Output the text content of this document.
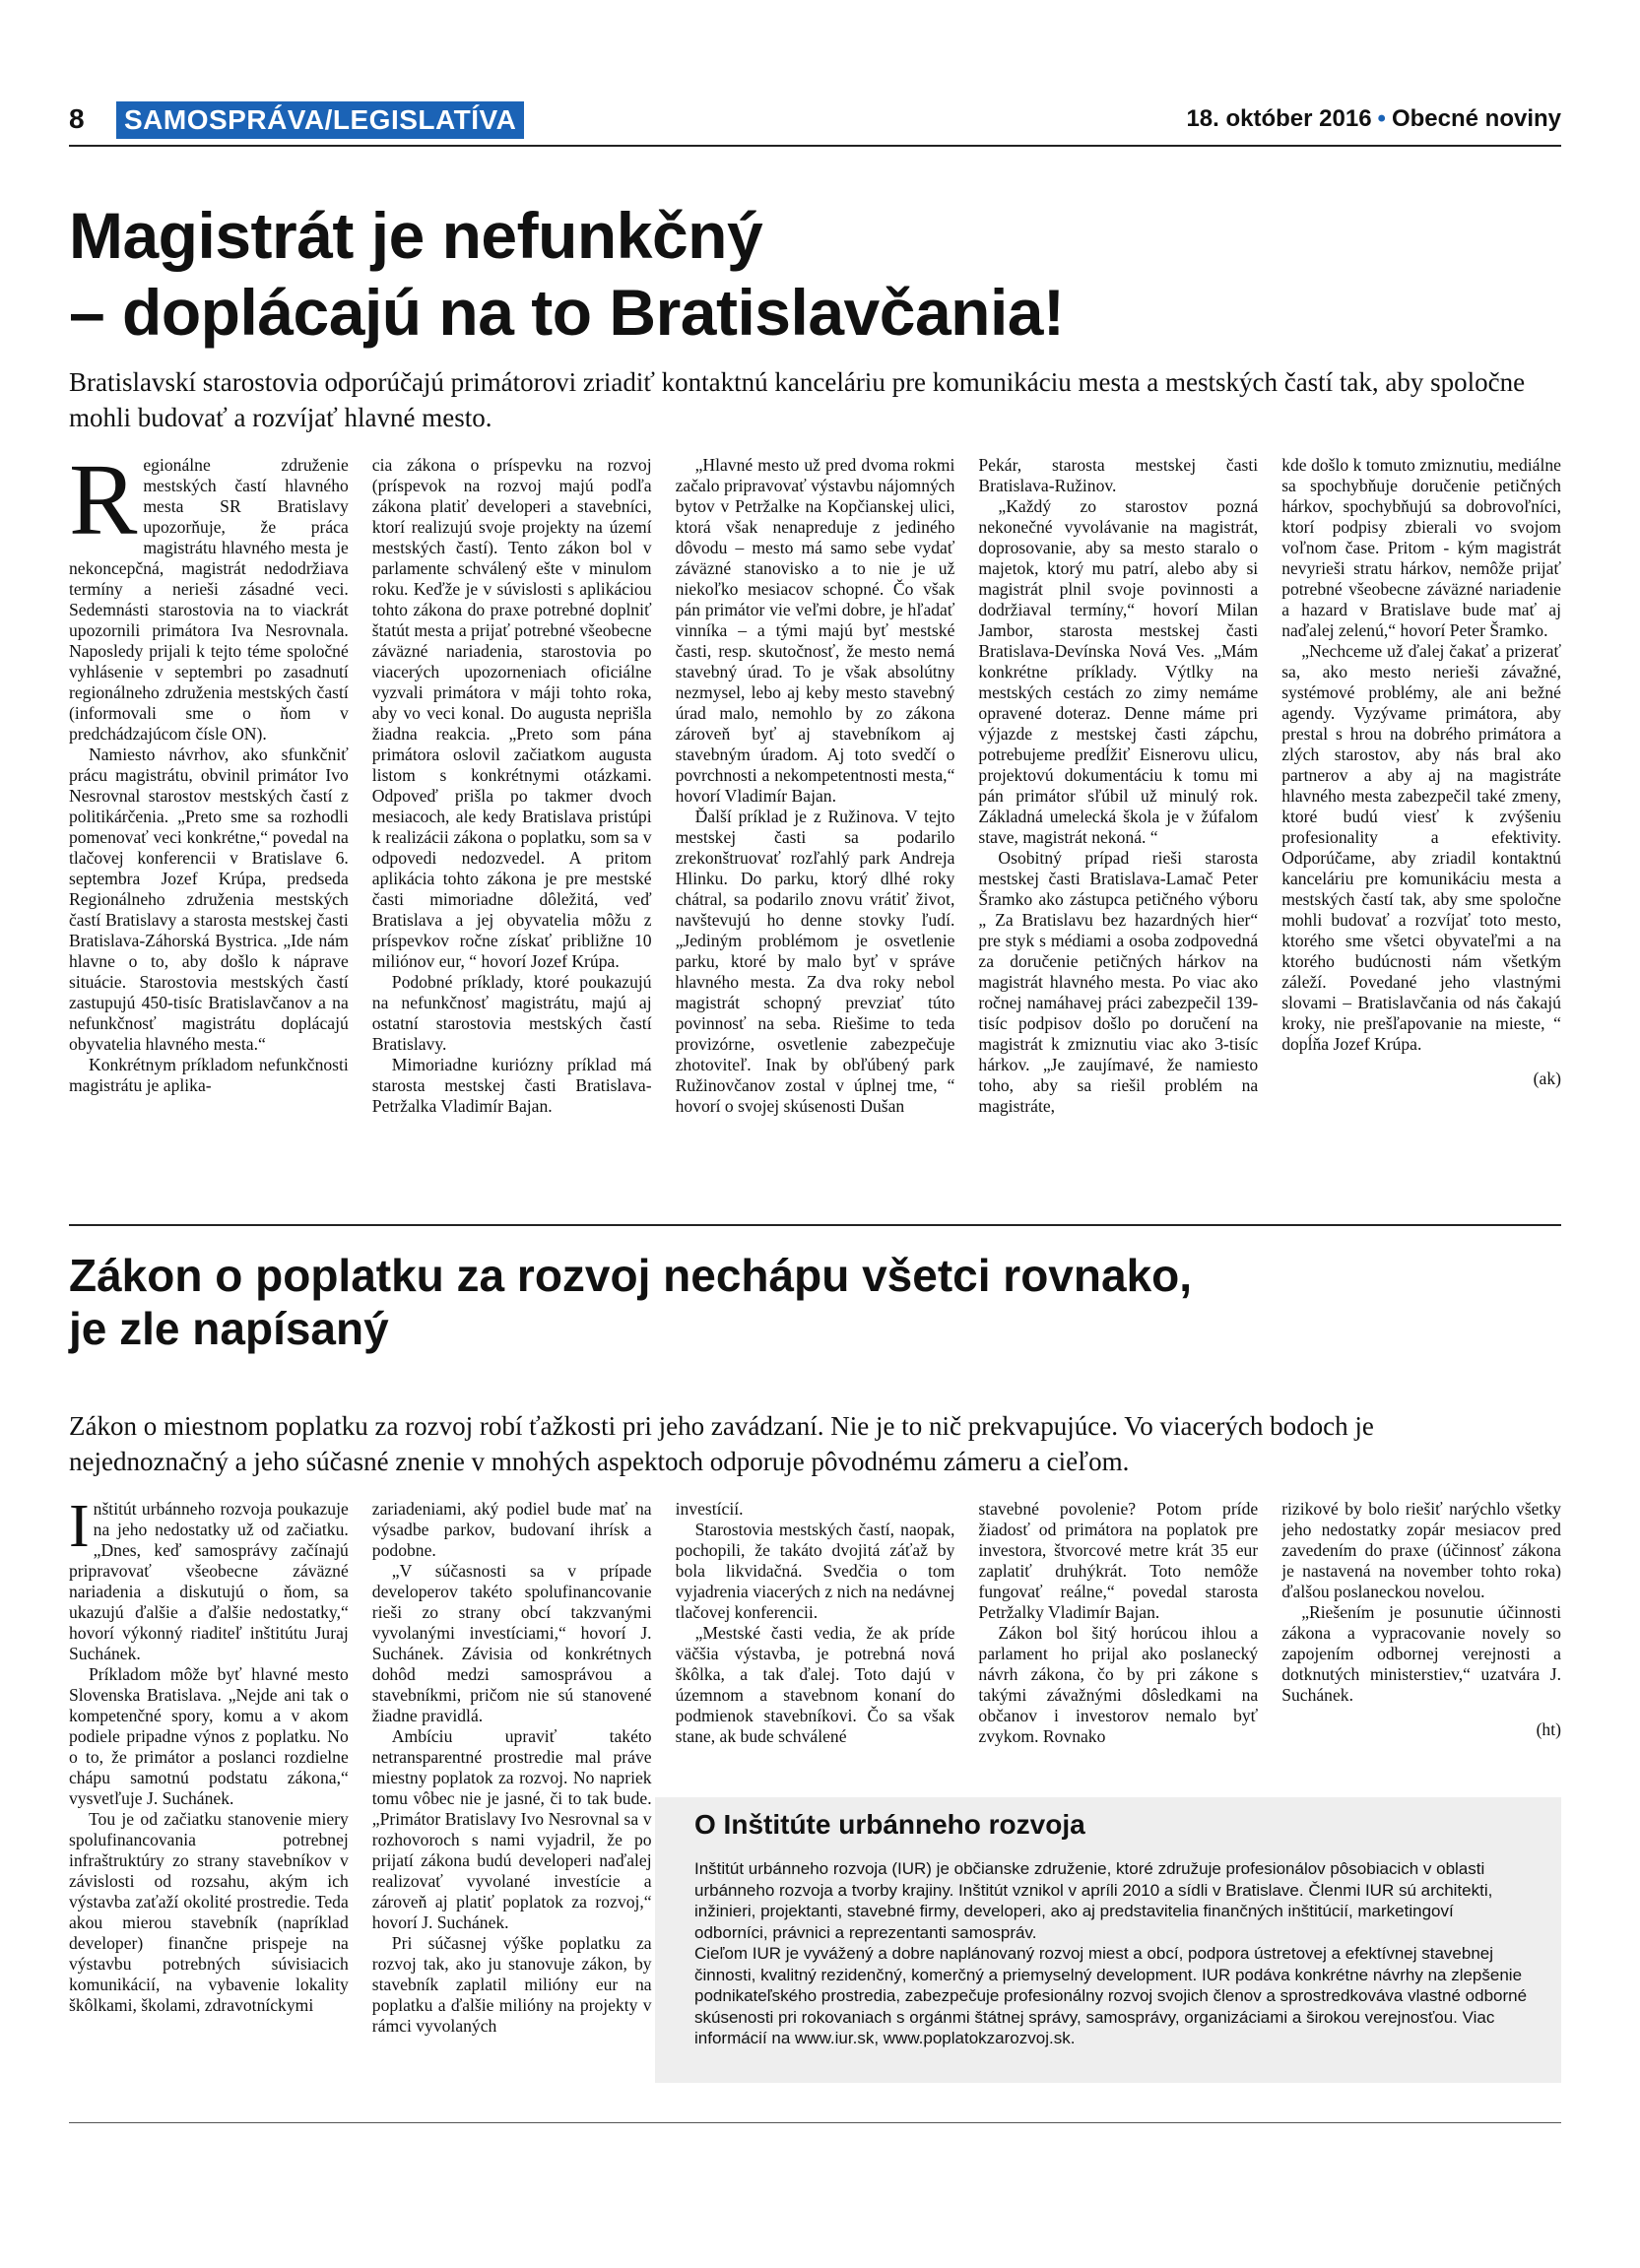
8 SAMOSPRÁVA/LEGISLATÍVA	18. október 2016 • Obecné noviny
Magistrát je nefunkčný
– doplácajú na to Bratislavčania!
Bratislavskí starostovia odporúčajú primátorovi zriadiť kontaktnú kanceláriu pre komunikáciu mesta a mestských častí tak, aby spoločne mohli budovať a rozvíjať hlavné mesto.

Regionálne združenie mestských častí hlavného mesta SR Bratislavy upozorňuje, že práca magistrátu hlavného mesta je nekoncepčná, magistrát nedodržiava termíny a nerieši zásadné veci. Sedemnásti starostovia na to viackrát upozornili primátora Iva Nesrovnala. Naposledy prijali k tejto téme spoločné vyhlásenie v septembri po zasadnutí regionálneho združenia mestských častí (informovali sme o ňom v predchádzajúcom čísle ON).

Namiesto návrhov, ako sfunkčniť prácu magistrátu, obvinil primátor Ivo Nesrovnal starostov mestských častí z politikárčenia. „Preto sme sa rozhodli pomenovať veci konkrétne,“ povedal na tlačovej konferencii v Bratislave 6. septembra Jozef Krúpa, predseda Regionálneho združenia mestských častí Bratislavy a starosta mestskej časti Bratislava-Záhorská Bystrica. „Ide nám hlavne o to, aby došlo k náprave situácie. Starostovia mestských častí zastupujú 450-tisíc Bratislavčanov a na nefunkčnosť magistrátu doplácajú obyvatelia hlavného mesta.“

Konkrétnym príkladom nefunkčnosti magistrátu je aplika-

cia zákona o príspevku na rozvoj (príspevok na rozvoj majú podľa zákona platiť developeri a stavebníci, ktorí realizujú svoje projekty na území mestských častí). Tento zákon bol v parlamente schválený ešte v minulom roku. Keďže je v súvislosti s aplikáciou tohto zákona do praxe potrebné doplniť štatút mesta a prijať potrebné všeobecne záväzné nariadenia, starostovia po viacerých upozorneniach oficiálne vyzvali primátora v máji tohto roka, aby vo veci konal. Do augusta neprišla žiadna reakcia. „Preto som pána primátora oslovil začiatkom augusta listom s konkrétnymi otázkami. Odpoveď prišla po takmer dvoch mesiacoch, ale kedy Bratislava pristúpi k realizácii zákona o poplatku, som sa v odpovedi nedozvedel. A pritom aplikácia tohto zákona je pre mestské časti mimoriadne dôležitá, veď Bratislava a jej obyvatelia môžu z príspevkov ročne získať približne 10 miliónov eur, “ hovorí Jozef Krúpa.

Podobné príklady, ktoré poukazujú na nefunkčnosť magistrátu, majú aj ostatní starostovia mestských častí Bratislavy.

Mimoriadne kuriózny príklad má starosta mestskej časti Bratislava-Petržalka Vladimír Bajan.

„Hlavné mesto už pred dvoma rokmi začalo pripravovať výstavbu nájomných bytov v Petržalke na Kopčianskej ulici, ktorá však nenapreduje z jediného dôvodu – mesto má samo sebe vydať záväzné stanovisko a to nie je už niekoľko mesiacov schopné. Čo však pán primátor vie veľmi dobre, je hľadať vinníka – a tými majú byť mestské časti, resp. skutočnosť, že mesto nemá stavebný úrad. To je však absolútny nezmysel, lebo aj keby mesto stavebný úrad malo, nemohlo by zo zákona zároveň byť aj stavebníkom aj stavebným úradom. Aj toto svedčí o povrchnosti a nekompetentnosti mesta,“ hovorí Vladimír Bajan.

Ďalší príklad je z Ružinova. V tejto mestskej časti sa podarilo zrekonštruovať rozľahlý park Andreja Hlinku. Do parku, ktorý dlhé roky chátral, sa podarilo znovu vrátiť život, navštevujú ho denne stovky ľudí. „Jediným problémom je osvetlenie parku, ktoré by malo byť v správe hlavného mesta. Za dva roky nebol magistrát schopný prevziať túto povinnosť na seba. Riešime to teda provizórne, osvetlenie zabezpečuje zhotoviteľ. Inak by obľúbený park Ružinovčanov zostal v úplnej tme, “ hovorí o svojej skúsenosti Dušan

Pekár, starosta mestskej časti Bratislava-Ružinov.

„Každý zo starostov pozná nekonečné vyvolávanie na magistrát, doprosovanie, aby sa mesto staralo o majetok, ktorý mu patrí, alebo aby si magistrát plnil svoje povinnosti a dodržiaval termíny,“ hovorí Milan Jambor, starosta mestskej časti Bratislava-Devínska Nová Ves. „Mám konkrétne príklady. Výtlky na mestských cestách zo zimy nemáme opravené doteraz. Denne máme pri výjazde z mestskej časti zápchu, potrebujeme predĺžiť Eisnerovu ulicu, projektovú dokumentáciu k tomu mi pán primátor sľúbil už minulý rok. Základná umelecká škola je v žúfalom stave, magistrát nekoná. “

Osobitný prípad rieši starosta mestskej časti Bratislava-Lamač Peter Šramko ako zástupca petičného výboru „ Za Bratislavu bez hazardných hier“ pre styk s médiami a osoba zodpovedná za doručenie petičných hárkov na magistrát hlavného mesta. Po viac ako ročnej namáhavej práci zabezpečil 139-tisíc podpisov došlo po doručení na magistrát k zmiznutiu viac ako 3-tisíc hárkov. „Je zaujímavé, že namiesto toho, aby sa riešil problém na magistráte,

kde došlo k tomuto zmiznutiu, mediálne sa spochybňuje doručenie petičných hárkov, spochybňujú sa dobrovoľníci, ktorí podpisy zbierali vo svojom voľnom čase. Pritom - kým magistrát nevyrieši stratu hárkov, nemôže prijať potrebné všeobecne záväzné nariadenie a hazard v Bratislave bude mať aj naďalej zelenú,“ hovorí Peter Šramko.

„Nechceme už ďalej čakať a prizerať sa, ako mesto nerieši závažné, systémové problémy, ale ani bežné agendy. Vyzývame primátora, aby prestal s hrou na dobrého primátora a zlých starostov, aby nás bral ako partnerov a aby aj na magistráte hlavného mesta zabezpečil také zmeny, ktoré budú viesť k zvýšeniu profesionality a efektivity. Odporúčame, aby zriadil kontaktnú kanceláriu pre komunikáciu mesta a mestských častí tak, aby sme spoločne mohli budovať a rozvíjať toto mesto, ktorého sme všetci obyvateľmi a na ktorého budúcnosti nám všetkým záleží. Povedané jeho vlastnými slovami – Bratislavčania od nás čakajú kroky, nie prešľapovanie na mieste, “ dopĺňa Jozef Krúpa.

(ak)
Zákon o poplatku za rozvoj nechápu všetci rovnako,
je zle napísaný
Zákon o miestnom poplatku za rozvoj robí ťažkosti pri jeho zavádzaní. Nie je to nič prekvapujúce. Vo viacerých bodoch je nejednoznačný a jeho súčasné znenie v mnohých aspektoch odporuje pôvodnému zámeru a cieľom.

Inštitút urbánneho rozvoja poukazuje na jeho nedostatky už od začiatku. „Dnes, keď samosprávy začínajú pripravovať všeobecne záväzné nariadenia a diskutujú o ňom, sa ukazujú ďalšie a ďalšie nedostatky,“ hovorí výkonný riaditeľ inštitútu Juraj Suchánek.

Príkladom môže byť hlavné mesto Slovenska Bratislava. „Nejde ani tak o kompetenčné spory, komu a v akom podiele pripadne výnos z poplatku. No o to, že primátor a poslanci rozdielne chápu samotnú podstatu zákona,“ vysvetľuje J. Suchánek.

Tou je od začiatku stanovenie miery spolufinancovania potrebnej infraštruktúry zo strany stavebníkov v závislosti od rozsahu, akým ich výstavba zaťaží okolité prostredie. Teda akou mierou stavebník (napríklad developer) finančne prispeje na výstavbu potrebných súvisiacich komunikácií, na vybavenie lokality škôlkami, školami, zdravotníckymi

zariadeniami, aký podiel bude mať na výsadbe parkov, budovaní ihrísk a podobne.

„V súčasnosti sa v prípade developerov takéto spolufinancovanie rieši zo strany obcí takzvanými vyvolanými investíciami,“ hovorí J. Suchánek. Závisia od konkrétnych dohôd medzi samosprávou a stavebníkmi, pričom nie sú stanovené žiadne pravidlá.

Ambíciu upraviť takéto netransparentné prostredie mal práve miestny poplatok za rozvoj. No napriek tomu vôbec nie je jasné, či to tak bude. „Primátor Bratislavy Ivo Nesrovnal sa v rozhovoroch s nami vyjadril, že po prijatí zákona budú developeri naďalej realizovať vyvolané investície a zároveň aj platiť poplatok za rozvoj,“ hovorí J. Suchánek.

Pri súčasnej výške poplatku za rozvoj tak, ako ju stanovuje zákon, by stavebník zaplatil milióny eur na poplatku a ďalšie milióny na projekty v rámci vyvolaných

investícií.

Starostovia mestských častí, naopak, pochopili, že takáto dvojitá záťaž by bola likvidačná. Svedčia o tom vyjadrenia viacerých z nich na nedávnej tlačovej konferencii.

„Mestské časti vedia, že ak príde väčšia výstavba, je potrebná nová škôlka, a tak ďalej. Toto dajú v územnom a stavebnom konaní do podmienok stavebníkovi. Čo sa však stane, ak bude schválené

stavebné povolenie? Potom príde žiadosť od primátora na poplatok pre investora, štvorcové metre krát 35 eur zaplatiť druhýkrát. Toto nemôže fungovať reálne,“ povedal starosta Petržalky Vladimír Bajan.

Zákon bol šitý horúcou ihlou a parlament ho prijal ako poslanecký návrh zákona, čo by pri zákone s takými závažnými dôsledkami na občanov i investorov nemalo byť zvykom. Rovnako

rizikové by bolo riešiť narýchlo všetky jeho nedostatky zopár mesiacov pred zavedením do praxe (účinnosť zákona je nastavená na november tohto roka) ďalšou poslaneckou novelou.

„Riešením je posunutie účinnosti zákona a vypracovanie novely so zapojením odbornej verejnosti a dotknutých ministerstiev,“ uzatvára J. Suchánek.

(ht)
O Inštitúte urbánneho rozvoja
Inštitút urbánneho rozvoja (IUR) je občianske združenie, ktoré združuje profesionálov pôsobiacich v oblasti urbánneho rozvoja a tvorby krajiny. Inštitút vznikol v apríli 2010 a sídli v Bratislave. Členmi IUR sú architekti, inžinieri, projektanti, stavebné firmy, developeri, ako aj predstavitelia finančných inštitúcií, marketingoví odborníci, právnici a reprezentanti samospráv.
Cieľom IUR je vyvážený a dobre naplánovaný rozvoj miest a obcí, podpora ústretovej a efektívnej stavebnej činnosti, kvalitný rezidenčný, komerčný a priemyselný development. IUR podáva konkrétne návrhy na zlepšenie podnikateľského prostredia, zabezpečuje profesionálny rozvoj svojich členov a sprostredkováva vlastné odborné skúsenosti pri rokovaniach s orgánmi štátnej správy, samosprávy, organizáciami a širokou verejnosťou. Viac informácií na www.iur.sk, www.poplatokzarozvoj.sk.
